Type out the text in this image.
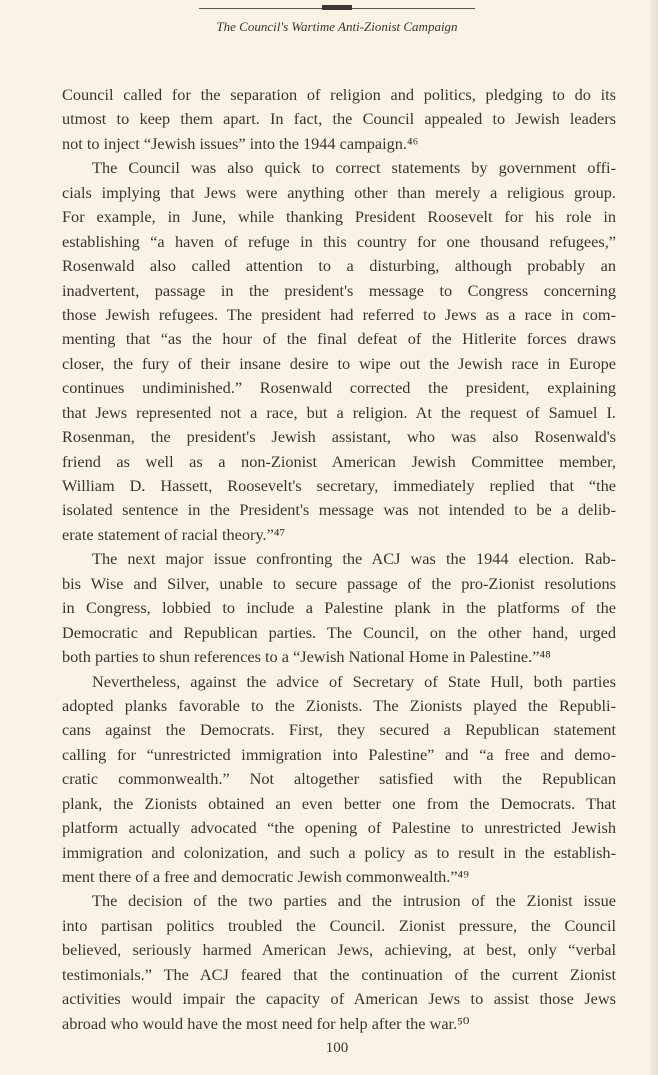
The Council's Wartime Anti-Zionist Campaign
Council called for the separation of religion and politics, pledging to do its
utmost to keep them apart. In fact, the Council appealed to Jewish leaders
not to inject “Jewish issues” into the 1944 campaign.⁴⁶
The Council was also quick to correct statements by government offi-
cials implying that Jews were anything other than merely a religious group.
For example, in June, while thanking President Roosevelt for his role in
establishing “a haven of refuge in this country for one thousand refugees,”
Rosenwald also called attention to a disturbing, although probably an
inadvertent, passage in the president's message to Congress concerning
those Jewish refugees. The president had referred to Jews as a race in com-
menting that “as the hour of the final defeat of the Hitlerite forces draws
closer, the fury of their insane desire to wipe out the Jewish race in Europe
continues undiminished.” Rosenwald corrected the president, explaining
that Jews represented not a race, but a religion. At the request of Samuel I.
Rosenman, the president's Jewish assistant, who was also Rosenwald's
friend as well as a non-Zionist American Jewish Committee member,
William D. Hassett, Roosevelt's secretary, immediately replied that “the
isolated sentence in the President's message was not intended to be a delib-
erate statement of racial theory.”⁴⁷
The next major issue confronting the ACJ was the 1944 election. Rab-
bis Wise and Silver, unable to secure passage of the pro-Zionist resolutions
in Congress, lobbied to include a Palestine plank in the platforms of the
Democratic and Republican parties. The Council, on the other hand, urged
both parties to shun references to a “Jewish National Home in Palestine.”⁴⁸
Nevertheless, against the advice of Secretary of State Hull, both parties
adopted planks favorable to the Zionists. The Zionists played the Republi-
cans against the Democrats. First, they secured a Republican statement
calling for “unrestricted immigration into Palestine” and “a free and demo-
cratic commonwealth.” Not altogether satisfied with the Republican
plank, the Zionists obtained an even better one from the Democrats. That
platform actually advocated “the opening of Palestine to unrestricted Jewish
immigration and colonization, and such a policy as to result in the establish-
ment there of a free and democratic Jewish commonwealth.”⁴⁹
The decision of the two parties and the intrusion of the Zionist issue
into partisan politics troubled the Council. Zionist pressure, the Council
believed, seriously harmed American Jews, achieving, at best, only “verbal
testimonials.” The ACJ feared that the continuation of the current Zionist
activities would impair the capacity of American Jews to assist those Jews
abroad who would have the most need for help after the war.⁵⁰
100
